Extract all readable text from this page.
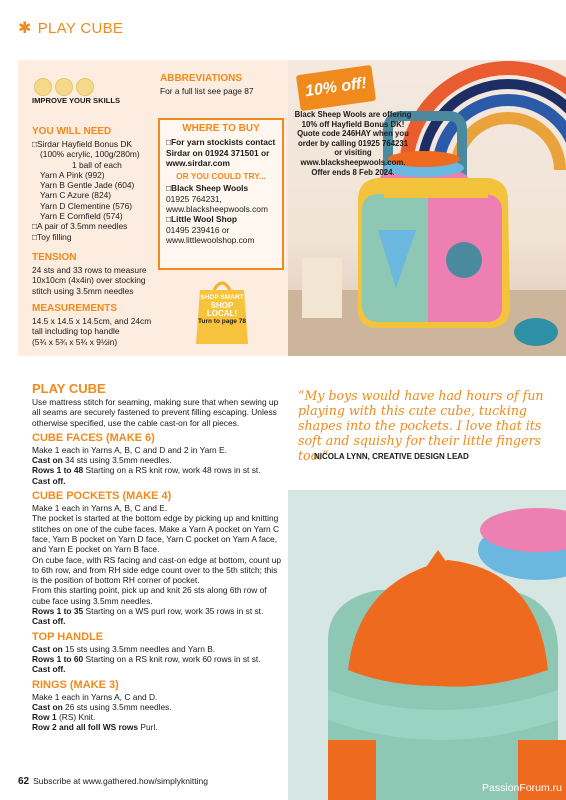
✱ PLAY CUBE
IMPROVE YOUR SKILLS
ABBREVIATIONS
For a full list see page 87
YOU WILL NEED
□Sirdar Hayfield Bonus DK
(100% acrylic, 100g/280m)
1 ball of each
Yarn A Pink (992)
Yarn B Gentle Jade (604)
Yarn C Azure (824)
Yarn D Clementine (576)
Yarn E Cornfield (574)
□A pair of 3.5mm needles
□Toy filling
TENSION
24 sts and 33 rows to measure 10x10cm (4x4in) over stocking stitch using 3.5mm needles
MEASUREMENTS
14.5 x 14.5 x 14.5cm, and 24cm tall including top handle
(5¾ x 5¾ x 5¾ x 9½in)
WHERE TO BUY
□For yarn stockists contact Sirdar on 01924 371501 or www.sirdar.com
OR YOU COULD TRY...
□Black Sheep Wools
01925 764231, www.blacksheepwools.com
□Little Wool Shop
01495 239416 or www.littlewoolshop.com
SHOP SMART
SHOP
LOCAL!
Turn to page 78
10% off!
Black Sheep Wools are offering 10% off Hayfield Bonus DK! Quote code 246HAY when you order by calling 01925 764231 or visiting www.blacksheepwools.com. Offer ends 8 Feb 2024.
PLAY CUBE

Use mattress stitch for seaming, making sure that when sewing up all seams are securely fastened to prevent filling escaping. Unless otherwise specified, use the cable cast-on for all pieces.

CUBE FACES (MAKE 6)

Make 1 each in Yarns A, B, C and D and 2 in Yarn E.

Cast on 34 sts using 3.5mm needles.

Rows 1 to 48 Starting on a RS knit row, work 48 rows in st st.

Cast off.

CUBE POCKETS (MAKE 4)

Make 1 each in Yarns A, B, C and E.

The pocket is started at the bottom edge by picking up and knitting stitches on one of the cube faces. Make a Yarn A pocket on Yarn C face, Yarn B pocket on Yarn D face, Yarn C pocket on Yarn A face, and Yarn E pocket on Yarn B face.

On cube face, with RS facing and cast-on edge at bottom, count up to 6th row, and from RH side edge count over to the 5th stitch; this is the position of bottom RH corner of pocket.

From this starting point, pick up and knit 26 sts along 6th row of cube face using 3.5mm needles.

Rows 1 to 35 Starting on a WS purl row, work 35 rows in st st.

Cast off.

TOP HANDLE

Cast on 15 sts using 3.5mm needles and Yarn B.

Rows 1 to 60 Starting on a RS knit row, work 60 rows in st st.

Cast off.

RINGS (MAKE 3)

Make 1 each in Yarns A, C and D.

Cast on 26 sts using 3.5mm needles.

Row 1 (RS) Knit.

Row 2 and all foll WS rows Purl.

“My boys would have had hours of fun playing with this cute cube, tucking shapes into the pockets. I love that its soft and squishy for their little fingers too.”
NICOLA LYNN, CREATIVE DESIGN LEAD
PassionForum.ru
62 Subscribe at www.gathered.how/simplyknitting
